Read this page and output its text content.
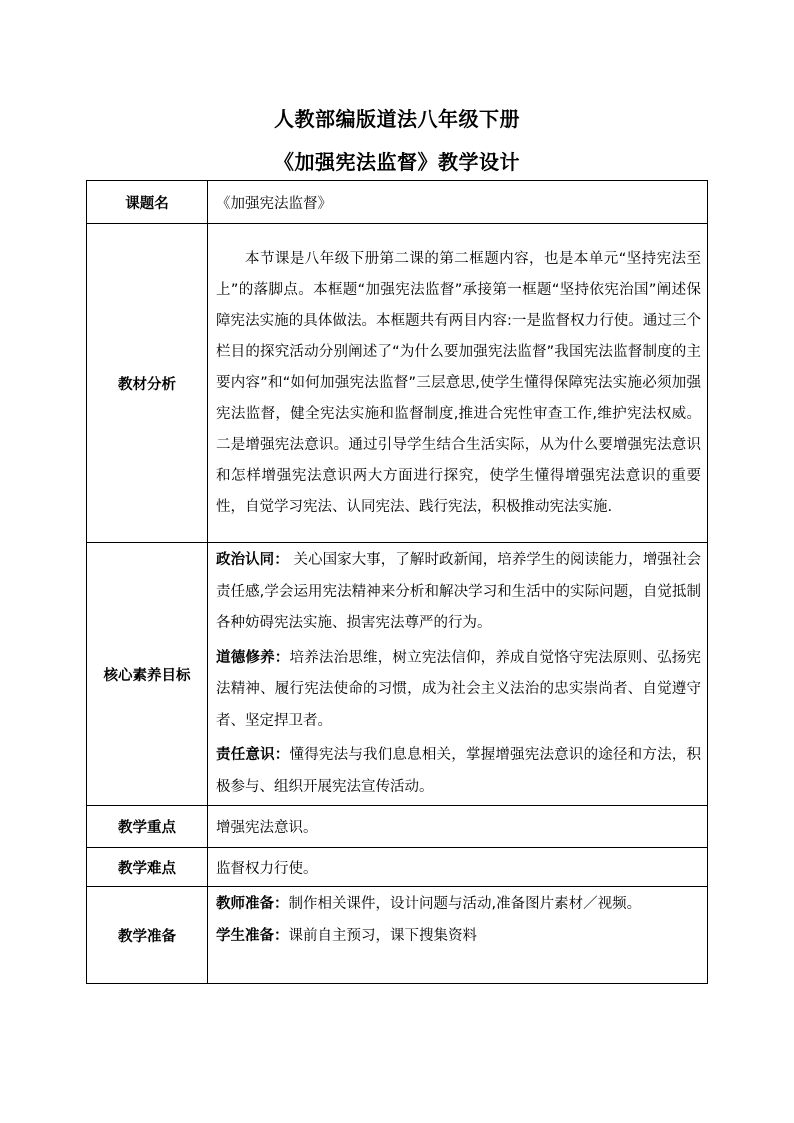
人教部编版道法八年级下册
《加强宪法监督》教学设计
课题名	《加强宪法监督》
教材分析	本节课是八年级下册第二课的第二框题内容，也是本单元“坚持宪法至上”的落脚点。本框题“加强宪法监督”承接第一框题“坚持依宪治国”阐述保障宪法实施的具体做法。本框题共有两目内容:一是监督权力行使。通过三个栏目的探究活动分别阐述了“为什么要加强宪法监督”我国宪法监督制度的主要内容”和“如何加强宪法监督”三层意思,使学生懂得保障宪法实施必须加强宪法监督，健全宪法实施和监督制度,推进合宪性审查工作,维护宪法权威。二是增强宪法意识。通过引导学生结合生活实际，从为什么要增强宪法意识和怎样增强宪法意识两大方面进行探究，使学生懂得增强宪法意识的重要性，自觉学习宪法、认同宪法、践行宪法，积极推动宪法实施.

核心素养目标	政治认同： 关心国家大事，了解时政新闻，培养学生的阅读能力，增强社会责任感,学会运用宪法精神来分析和解决学习和生活中的实际问题，自觉抵制各种妨碍宪法实施、损害宪法尊严的行为。
道德修养：培养法治思维，树立宪法信仰，养成自觉恪守宪法原则、弘扬宪法精神、履行宪法使命的习惯，成为社会主义法治的忠实崇尚者、自觉遵守者、坚定捍卫者。
责任意识：懂得宪法与我们息息相关，掌握增强宪法意识的途径和方法，积极参与、组织开展宪法宣传活动。

教学重点	增强宪法意识。
教学难点	监督权力行使。
教学准备	教师准备：制作相关课件，设计问题与活动,准备图片素材／视频。
学生准备：课前自主预习，课下搜集资料
